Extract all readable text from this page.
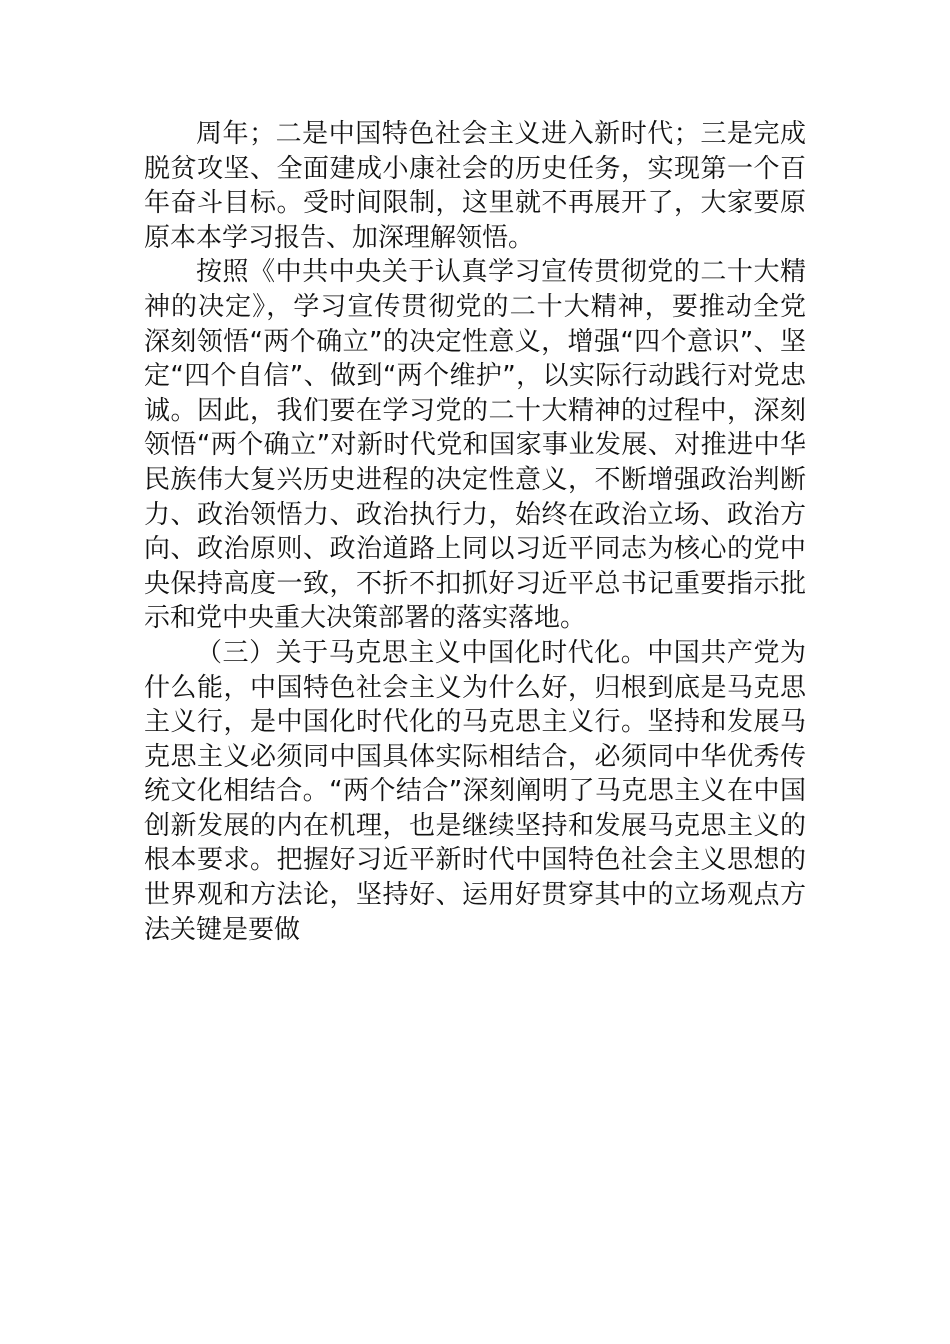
周年；二是中国特色社会主义进入新时代；三是完成脱贫攻坚、全面建成小康社会的历史任务，实现第一个百年奋斗目标。受时间限制，这里就不再展开了，大家要原原本本学习报告、加深理解领悟。

按照《中共中央关于认真学习宣传贯彻党的二十大精神的决定》，学习宣传贯彻党的二十大精神，要推动全党深刻领悟“两个确立”的决定性意义，增强“四个意识”、坚定“四个自信”、做到“两个维护”，以实际行动践行对党忠诚。因此，我们要在学习党的二十大精神的过程中，深刻领悟“两个确立”对新时代党和国家事业发展、对推进中华民族伟大复兴历史进程的决定性意义，不断增强政治判断力、政治领悟力、政治执行力，始终在政治立场、政治方向、政治原则、政治道路上同以习近平同志为核心的党中央保持高度一致，不折不扣抓好习近平总书记重要指示批示和党中央重大决策部署的落实落地。

（三）关于马克思主义中国化时代化。中国共产党为什么能，中国特色社会主义为什么好，归根到底是马克思主义行，是中国化时代化的马克思主义行。坚持和发展马克思主义必须同中国具体实际相结合，必须同中华优秀传统文化相结合。“两个结合”深刻阐明了马克思主义在中国创新发展的内在机理，也是继续坚持和发展马克思主义的根本要求。把握好习近平新时代中国特色社会主义思想的世界观和方法论，坚持好、运用好贯穿其中的立场观点方法关键是要做
